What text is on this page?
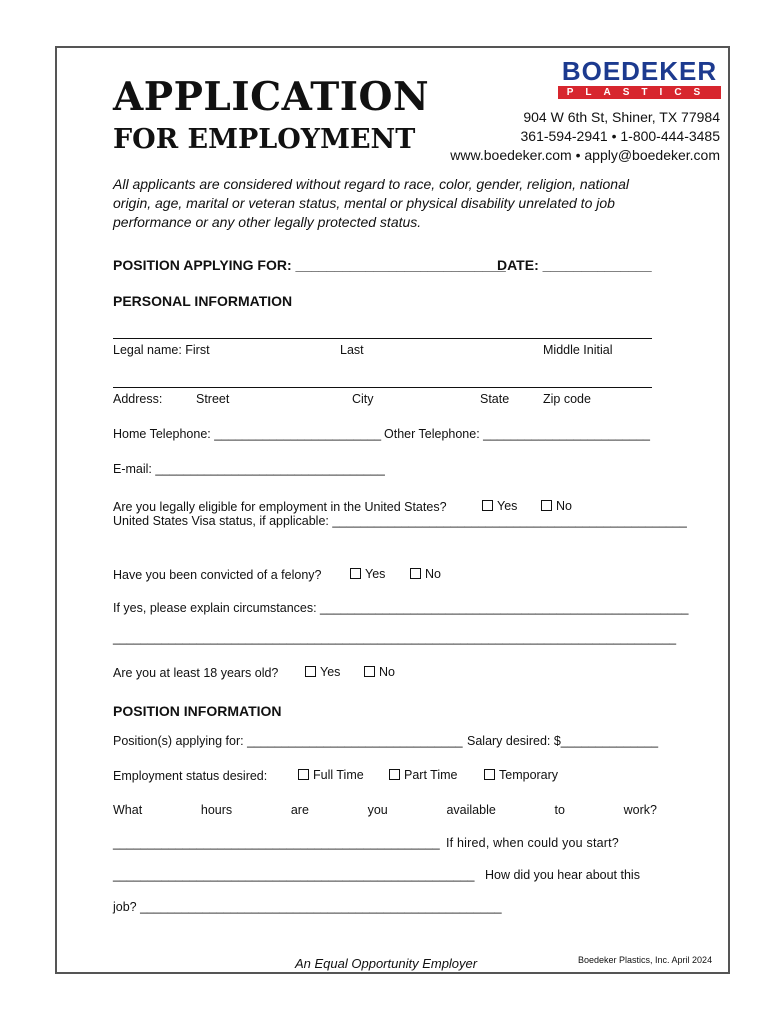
APPLICATION
FOR EMPLOYMENT
BOEDEKER
PLASTICS
904 W 6th St, Shiner, TX 77984
361-594-2941 • 1-800-444-3485
www.boedeker.com • apply@boedeker.com
All applicants are considered without regard to race, color, gender, religion, national origin, age, marital or veteran status, mental or physical disability unrelated to job performance or any other legally protected status.
POSITION APPLYING FOR: ___________________________
DATE: ______________
PERSONAL INFORMATION
Legal name: First	Last	Middle Initial
Address:	Street	City	State	Zip code
Home Telephone: ________________________ Other Telephone: ________________________
E-mail: _________________________________
Are you legally eligible for employment in the United States?	Yes	No
United States Visa status, if applicable: ___________________________________________________
Have you been convicted of a felony?	Yes	No
If yes, please explain circumstances: _____________________________________________________
_________________________________________________________________________________
Are you at least 18 years old?	Yes	No
POSITION INFORMATION
Position(s) applying for: _______________________________ Salary desired: $______________
Employment status desired:	Full Time	Part Time	Temporary
What	hours	are	you	available	to	work?
_______________________________________________ If hired, when could you start?
____________________________________________________ How did you hear about this
job? ____________________________________________________
An Equal Opportunity Employer	Boedeker Plastics, Inc. April 2024
